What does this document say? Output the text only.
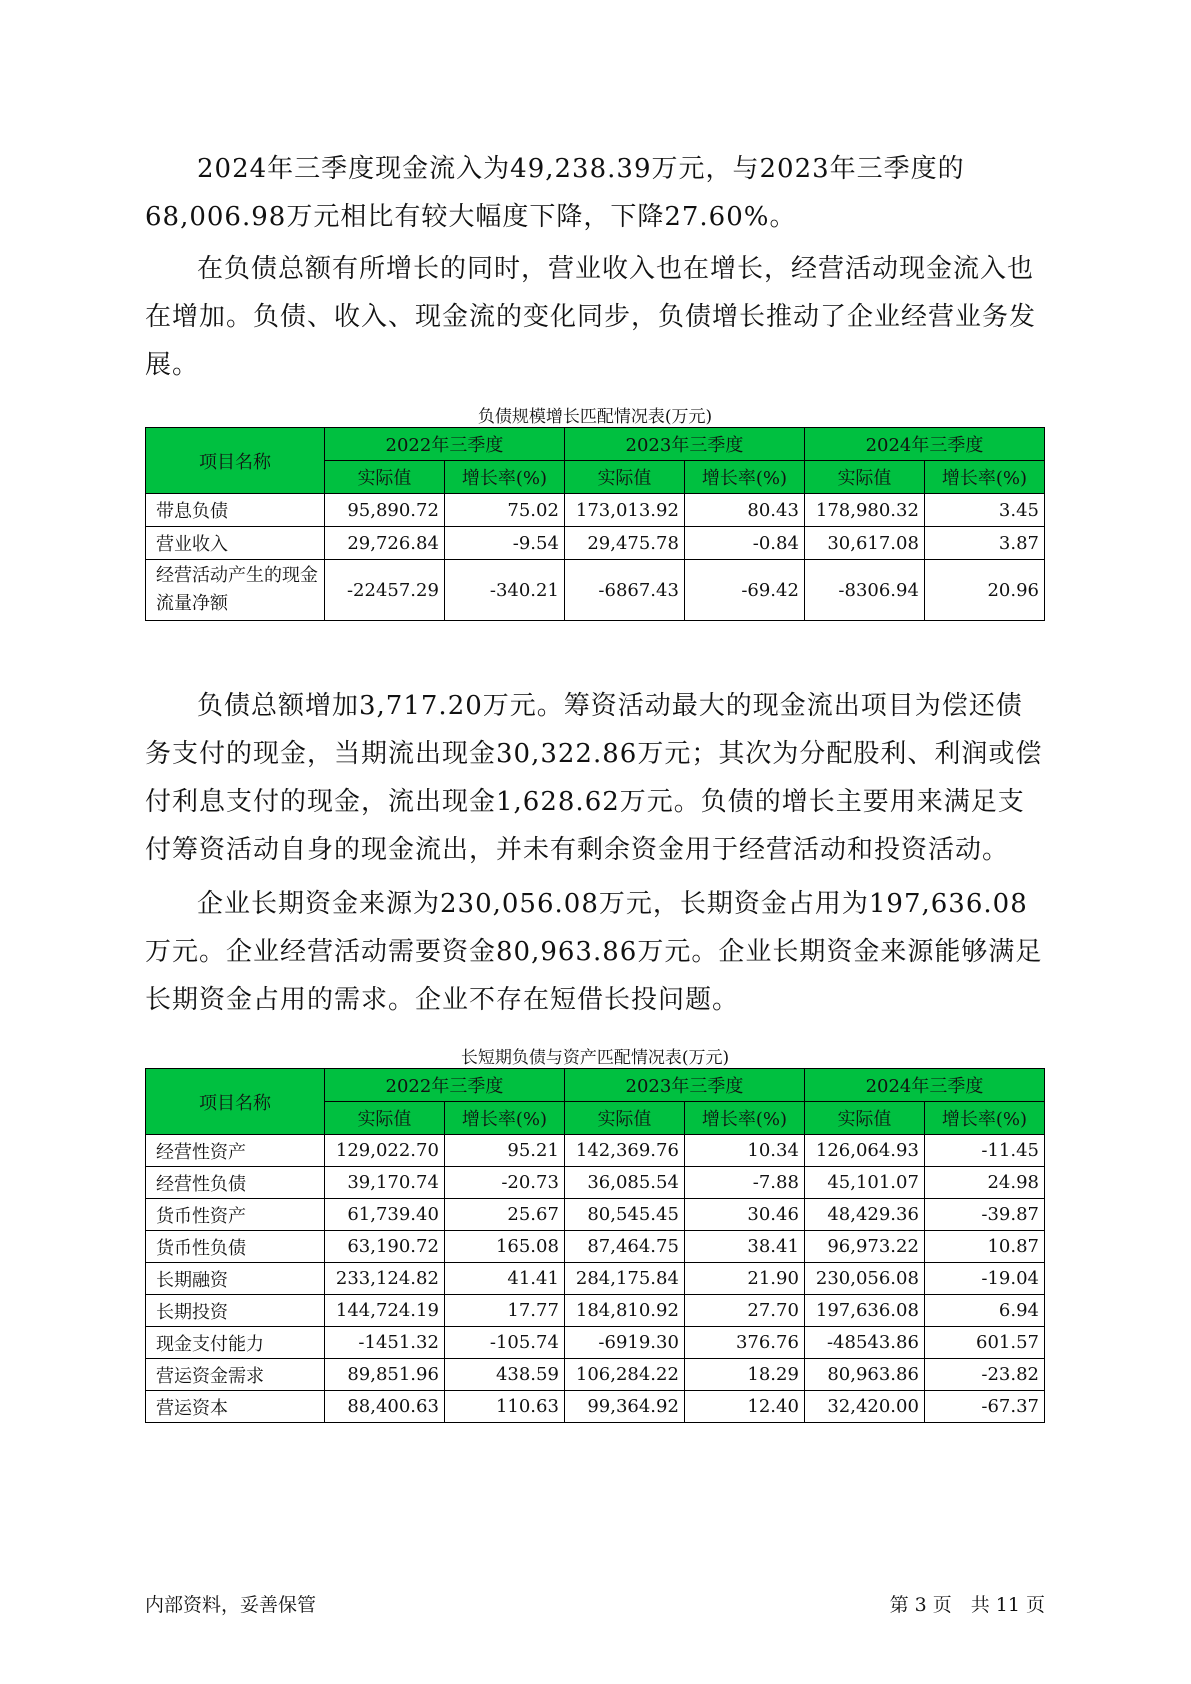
2024年三季度现金流入为49,238.39万元，与2023年三季度的68,006.98万元相比有较大幅度下降，下降27.60%。

在负债总额有所增长的同时，营业收入也在增长，经营活动现金流入也在增加。负债、收入、现金流的变化同步，负债增长推动了企业经营业务发展。

负债规模增长匹配情况表(万元)

项目名称	2022年三季度		2023年三季度		2024年三季度	
	实际值	增长率(%)	实际值	增长率(%)	实际值	增长率(%)
带息负债	95,890.72	75.02	173,013.92	80.43	178,980.32	3.45
营业收入	29,726.84	-9.54	29,475.78	-0.84	30,617.08	3.87
经营活动产生的现金流量净额	-22457.29	-340.21	-6867.43	-69.42	-8306.94	20.96

负债总额增加3,717.20万元。筹资活动最大的现金流出项目为偿还债务支付的现金，当期流出现金30,322.86万元；其次为分配股利、利润或偿付利息支付的现金，流出现金1,628.62万元。负债的增长主要用来满足支付筹资活动自身的现金流出，并未有剩余资金用于经营活动和投资活动。

企业长期资金来源为230,056.08万元，长期资金占用为197,636.08万元。企业经营活动需要资金80,963.86万元。企业长期资金来源能够满足长期资金占用的需求。企业不存在短借长投问题。

长短期负债与资产匹配情况表(万元)

项目名称	2022年三季度		2023年三季度		2024年三季度	
	实际值	增长率(%)	实际值	增长率(%)	实际值	增长率(%)
经营性资产	129,022.70	95.21	142,369.76	10.34	126,064.93	-11.45
经营性负债	39,170.74	-20.73	36,085.54	-7.88	45,101.07	24.98
货币性资产	61,739.40	25.67	80,545.45	30.46	48,429.36	-39.87
货币性负债	63,190.72	165.08	87,464.75	38.41	96,973.22	10.87
长期融资	233,124.82	41.41	284,175.84	21.90	230,056.08	-19.04
长期投资	144,724.19	17.77	184,810.92	27.70	197,636.08	6.94
现金支付能力	-1451.32	-105.74	-6919.30	376.76	-48543.86	601.57
营运资金需求	89,851.96	438.59	106,284.22	18.29	80,963.86	-23.82
营运资本	88,400.63	110.63	99,364.92	12.40	32,420.00	-67.37

内部资料，妥善保管	第 3 页　共 11 页
